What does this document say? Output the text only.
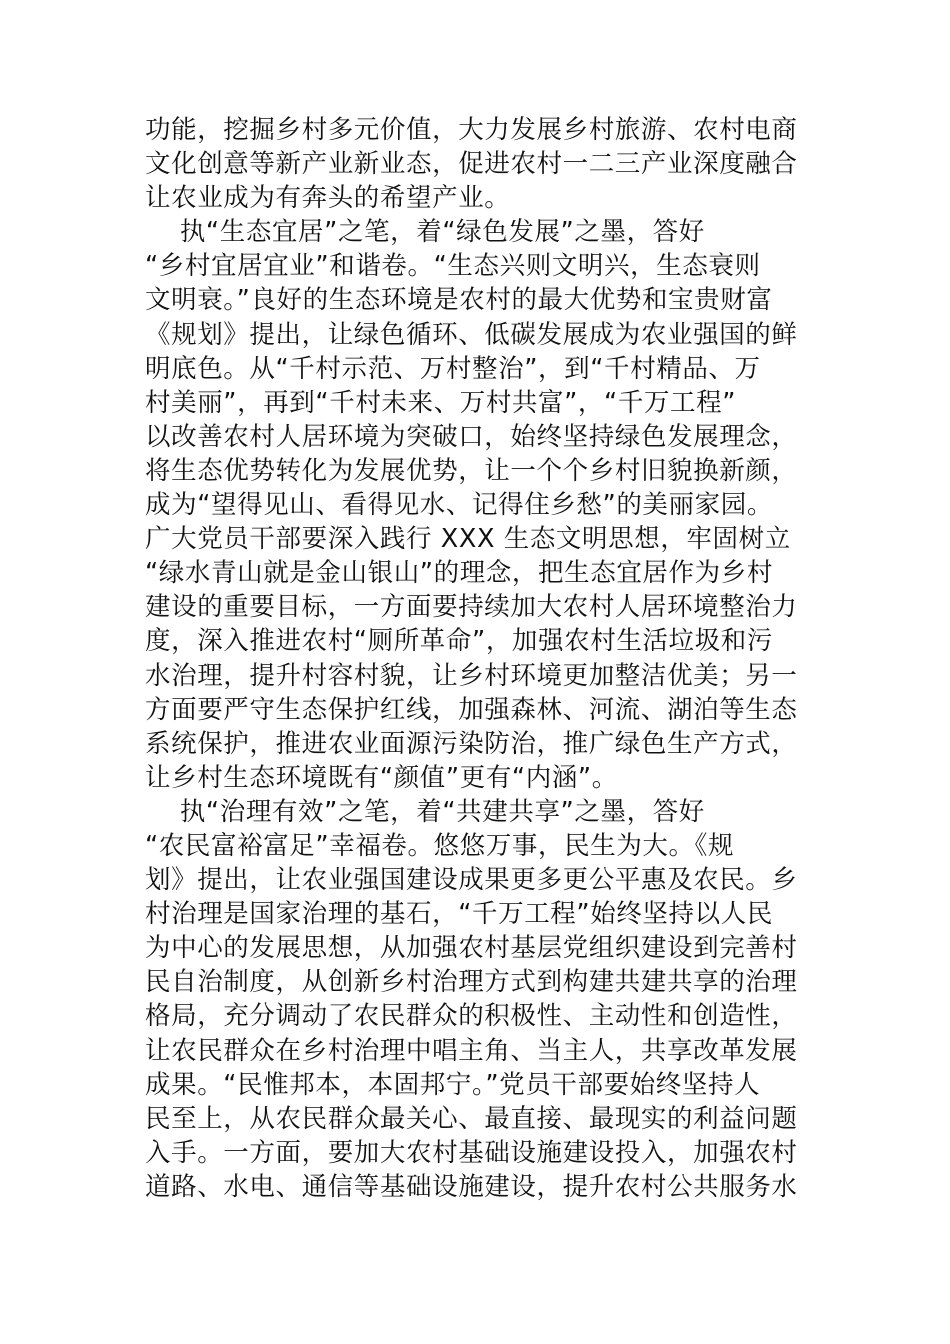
功能，挖掘乡村多元价值，大力发展乡村旅游、农村电商
文化创意等新产业新业态，促进农村一二三产业深度融合
让农业成为有奔头的希望产业。
执“生态宜居”之笔，着“绿色发展”之墨，答好
“乡村宜居宜业”和谐卷。“生态兴则文明兴，生态衰则
文明衰。”良好的生态环境是农村的最大优势和宝贵财富
《规划》提出，让绿色循环、低碳发展成为农业强国的鲜
明底色。从“千村示范、万村整治”，到“千村精品、万
村美丽”，再到“千村未来、万村共富”，“千万工程”
以改善农村人居环境为突破口，始终坚持绿色发展理念，
将生态优势转化为发展优势，让一个个乡村旧貌换新颜，
成为“望得见山、看得见水、记得住乡愁”的美丽家园。
广大党员干部要深入践行 XXX 生态文明思想，牢固树立
“绿水青山就是金山银山”的理念，把生态宜居作为乡村
建设的重要目标，一方面要持续加大农村人居环境整治力
度，深入推进农村“厕所革命”，加强农村生活垃圾和污
水治理，提升村容村貌，让乡村环境更加整洁优美；另一
方面要严守生态保护红线，加强森林、河流、湖泊等生态
系统保护，推进农业面源污染防治，推广绿色生产方式，
让乡村生态环境既有“颜值”更有“内涵”。
执“治理有效”之笔，着“共建共享”之墨，答好
“农民富裕富足”幸福卷。悠悠万事，民生为大。《规
划》提出，让农业强国建设成果更多更公平惠及农民。乡
村治理是国家治理的基石，“千万工程”始终坚持以人民
为中心的发展思想，从加强农村基层党组织建设到完善村
民自治制度，从创新乡村治理方式到构建共建共享的治理
格局，充分调动了农民群众的积极性、主动性和创造性，
让农民群众在乡村治理中唱主角、当主人，共享改革发展
成果。“民惟邦本，本固邦宁。”党员干部要始终坚持人
民至上，从农民群众最关心、最直接、最现实的利益问题
入手。一方面，要加大农村基础设施建设投入，加强农村
道路、水电、通信等基础设施建设，提升农村公共服务水
